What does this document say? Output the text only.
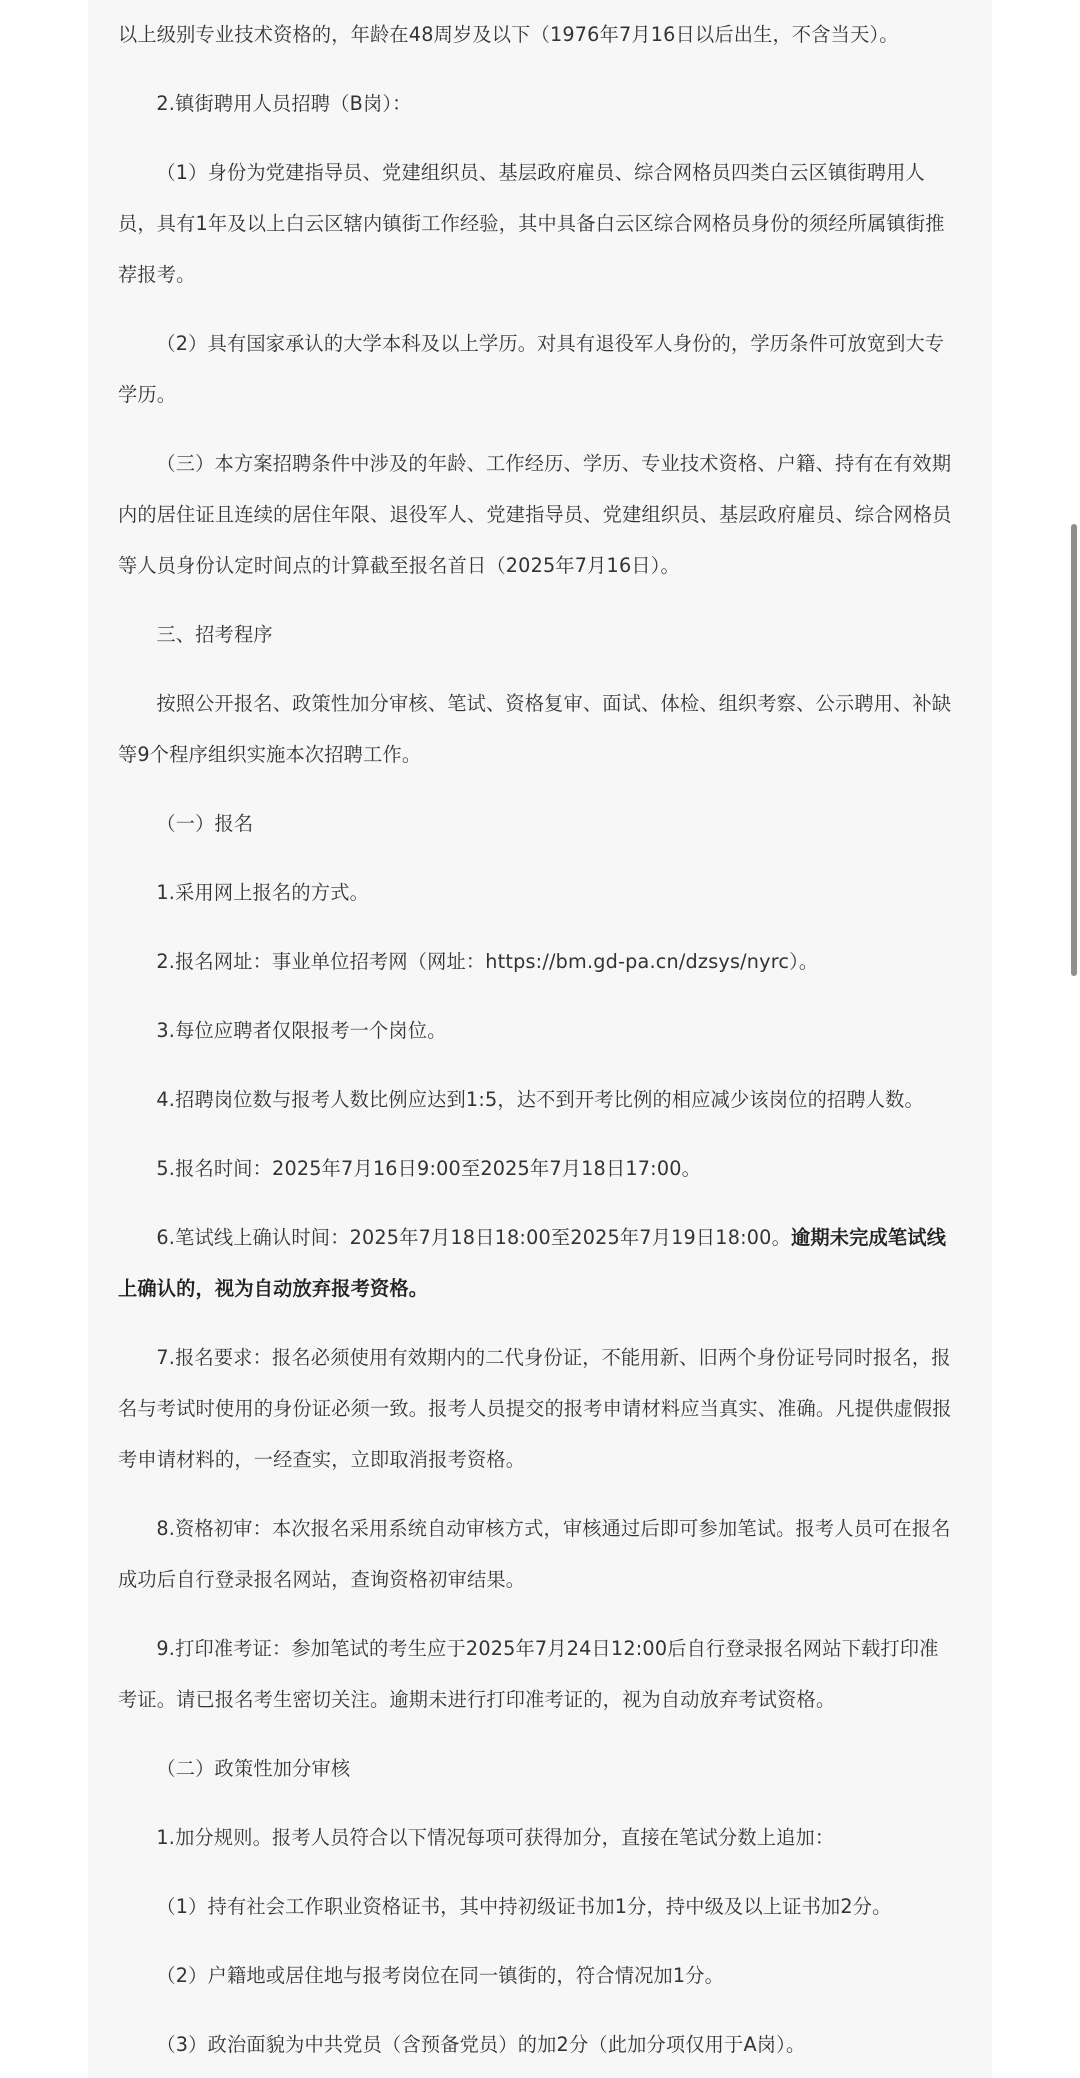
以上级别专业技术资格的，年龄在48周岁及以下（1976年7月16日以后出生，不含当天）。

2.镇街聘用人员招聘（B岗）：

（1）身份为党建指导员、党建组织员、基层政府雇员、综合网格员四类白云区镇街聘用人员，具有1年及以上白云区辖内镇街工作经验，其中具备白云区综合网格员身份的须经所属镇街推荐报考。

（2）具有国家承认的大学本科及以上学历。对具有退役军人身份的，学历条件可放宽到大专学历。

（三）本方案招聘条件中涉及的年龄、工作经历、学历、专业技术资格、户籍、持有在有效期内的居住证且连续的居住年限、退役军人、党建指导员、党建组织员、基层政府雇员、综合网格员等人员身份认定时间点的计算截至报名首日（2025年7月16日）。

三、招考程序

按照公开报名、政策性加分审核、笔试、资格复审、面试、体检、组织考察、公示聘用、补缺等9个程序组织实施本次招聘工作。

（一）报名

1.采用网上报名的方式。

2.报名网址：事业单位招考网（网址：https://bm.gd-pa.cn/dzsys/nyrc）。

3.每位应聘者仅限报考一个岗位。

4.招聘岗位数与报考人数比例应达到1:5，达不到开考比例的相应减少该岗位的招聘人数。

5.报名时间：2025年7月16日9:00至2025年7月18日17:00。

6.笔试线上确认时间：2025年7月18日18:00至2025年7月19日18:00。逾期未完成笔试线上确认的，视为自动放弃报考资格。

7.报名要求：报名必须使用有效期内的二代身份证，不能用新、旧两个身份证号同时报名，报名与考试时使用的身份证必须一致。报考人员提交的报考申请材料应当真实、准确。凡提供虚假报考申请材料的，一经查实，立即取消报考资格。

8.资格初审：本次报名采用系统自动审核方式，审核通过后即可参加笔试。报考人员可在报名成功后自行登录报名网站，查询资格初审结果。

9.打印准考证：参加笔试的考生应于2025年7月24日12:00后自行登录报名网站下载打印准考证。请已报名考生密切关注。逾期未进行打印准考证的，视为自动放弃考试资格。

（二）政策性加分审核

1.加分规则。报考人员符合以下情况每项可获得加分，直接在笔试分数上追加：

（1）持有社会工作职业资格证书，其中持初级证书加1分，持中级及以上证书加2分。

（2）户籍地或居住地与报考岗位在同一镇街的，符合情况加1分。

（3）政治面貌为中共党员（含预备党员）的加2分（此加分项仅用于A岗）。
